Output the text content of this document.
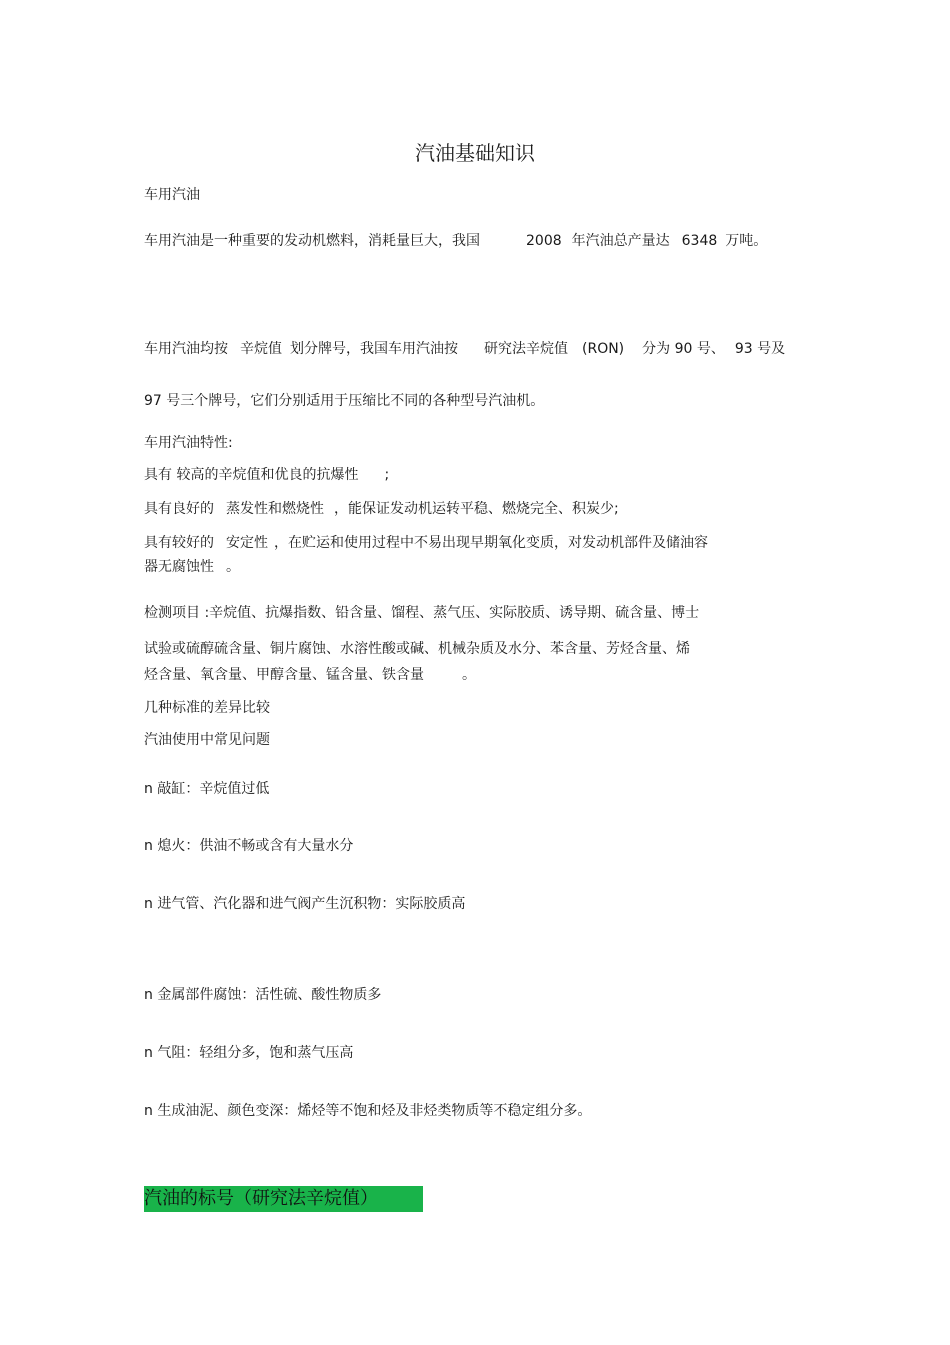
汽油基础知识
车用汽油
车用汽油是一种重要的发动机燃料，消耗量巨大，我国	2008 年汽油总产量达 6348 万吨。
车用汽油均按 辛烷值 划分牌号，我国车用汽油按 研究法辛烷值 (RON) 分为 90 号、 93 号及
97 号三个牌号，它们分别适用于压缩比不同的各种型号汽油机。
车用汽油特性:
具有 较高的辛烷值和优良的抗爆性 ;
具有良好的 蒸发性和燃烧性 ，能保证发动机运转平稳、燃烧完全、积炭少;
具有较好的 安定性 ，在贮运和使用过程中不易出现早期氧化变质，对发动机部件及储油容
器无腐蚀性 。
检测项目 :辛烷值、抗爆指数、铅含量、馏程、蒸气压、实际胶质、诱导期、硫含量、博士
试验或硫醇硫含量、铜片腐蚀、水溶性酸或碱、机械杂质及水分、苯含量、芳烃含量、烯
烃含量、氧含量、甲醇含量、锰含量、铁含量	。
几种标准的差异比较
汽油使用中常见问题
n 敲缸：辛烷值过低
n 熄火：供油不畅或含有大量水分
n 进气管、汽化器和进气阀产生沉积物：实际胶质高
n 金属部件腐蚀：活性硫、酸性物质多
n 气阻：轻组分多，饱和蒸气压高
n 生成油泥、颜色变深：烯烃等不饱和烃及非烃类物质等不稳定组分多。
汽油的标号（研究法辛烷值）
